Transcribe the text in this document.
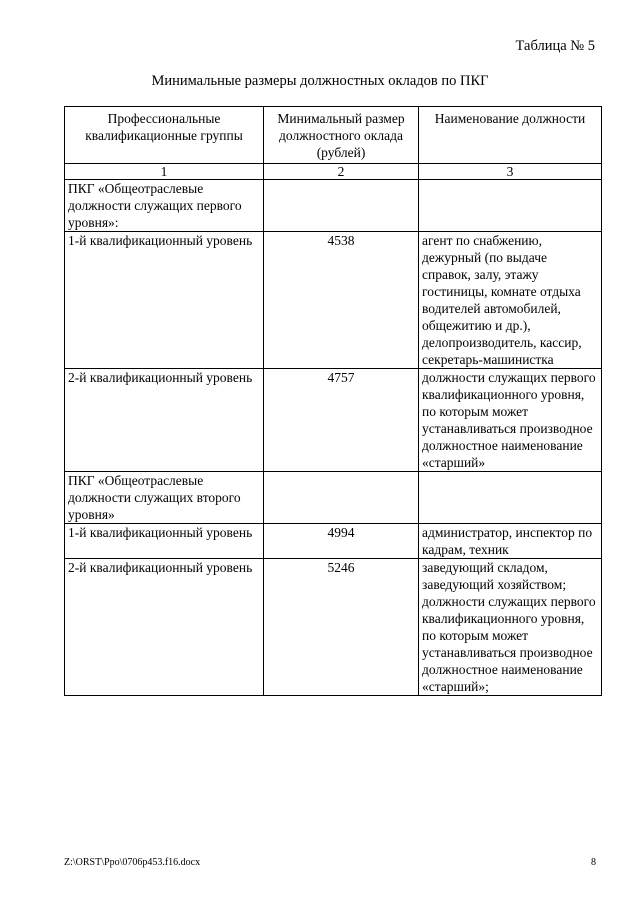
Таблица № 5
Минимальные размеры должностных окладов по ПКГ
Профессиональные квалификационные группы	Минимальный размер должностного оклада (рублей)	Наименование должности
1	2	3
ПКГ «Общеотраслевые должности служащих первого уровня»:		
1-й квалификационный уровень	4538	агент по снабжению, дежурный (по выдаче справок, залу, этажу гостиницы, комнате отдыха водителей автомобилей, общежитию и др.), делопроизводитель, кассир, секретарь-машинистка
2-й квалификационный уровень	4757	должности служащих первого квалификационного уровня, по которым может устанавливаться производное должностное наименование «старший»
ПКГ «Общеотраслевые должности служащих второго уровня»		
1-й квалификационный уровень	4994	администратор, инспектор по кадрам, техник
2-й квалификационный уровень	5246	заведующий складом, заведующий хозяйством; должности служащих первого квалификационного уровня, по которым может устанавливаться производное должностное наименование «старший»;
Z:\ORST\Ppo\0706p453.f16.docx	8
